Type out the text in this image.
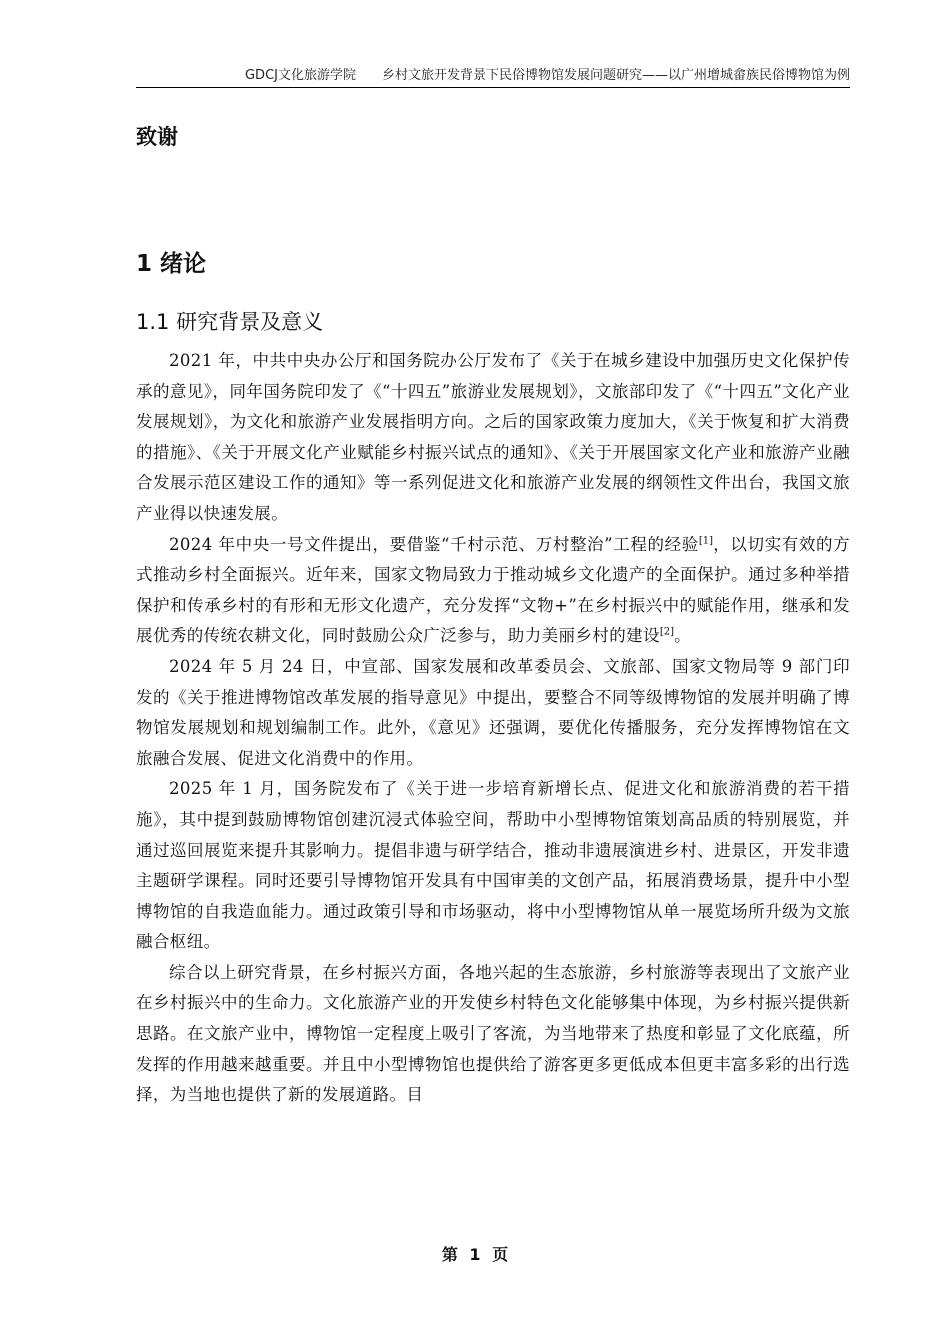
GDCJ文化旅游学院 乡村文旅开发背景下民俗博物馆发展问题研究——以广州增城畲族民俗博物馆为例
致谢
1 绪论
1.1 研究背景及意义

2021 年，中共中央办公厅和国务院办公厅发布了《关于在城乡建设中加强历史文化保护传承的意见》，同年国务院印发了《“十四五”旅游业发展规划》，文旅部印发了《“十四五”文化产业发展规划》，为文化和旅游产业发展指明方向。之后的国家政策力度加大，《关于恢复和扩大消费的措施》、《关于开展文化产业赋能乡村振兴试点的通知》、《关于开展国家文化产业和旅游产业融合发展示范区建设工作的通知》等一系列促进文化和旅游产业发展的纲领性文件出台，我国文旅产业得以快速发展。

2024 年中央一号文件提出，要借鉴“千村示范、万村整治”工程的经验[1]，以切实有效的方式推动乡村全面振兴。近年来，国家文物局致力于推动城乡文化遗产的全面保护。通过多种举措保护和传承乡村的有形和无形文化遗产，充分发挥“文物+”在乡村振兴中的赋能作用，继承和发展优秀的传统农耕文化，同时鼓励公众广泛参与，助力美丽乡村的建设[2]。

2024 年 5 月 24 日，中宣部、国家发展和改革委员会、文旅部、国家文物局等 9 部门印发的《关于推进博物馆改革发展的指导意见》中提出，要整合不同等级博物馆的发展并明确了博物馆发展规划和规划编制工作。此外，《意见》还强调，要优化传播服务，充分发挥博物馆在文旅融合发展、促进文化消费中的作用。

2025 年 1 月，国务院发布了《关于进一步培育新增长点、促进文化和旅游消费的若干措施》，其中提到鼓励博物馆创建沉浸式体验空间，帮助中小型博物馆策划高品质的特别展览，并通过巡回展览来提升其影响力。提倡非遗与研学结合，推动非遗展演进乡村、进景区，开发非遗主题研学课程。同时还要引导博物馆开发具有中国审美的文创产品，拓展消费场景，提升中小型博物馆的自我造血能力。通过政策引导和市场驱动，将中小型博物馆从单一展览场所升级为文旅融合枢纽。

综合以上研究背景，在乡村振兴方面，各地兴起的生态旅游，乡村旅游等表现出了文旅产业在乡村振兴中的生命力。文化旅游产业的开发使乡村特色文化能够集中体现，为乡村振兴提供新思路。在文旅产业中，博物馆一定程度上吸引了客流，为当地带来了热度和彰显了文化底蕴，所发挥的作用越来越重要。并且中小型博物馆也提供给了游客更多更低成本但更丰富多彩的出行选择，为当地也提供了新的发展道路。目

第 1 页
